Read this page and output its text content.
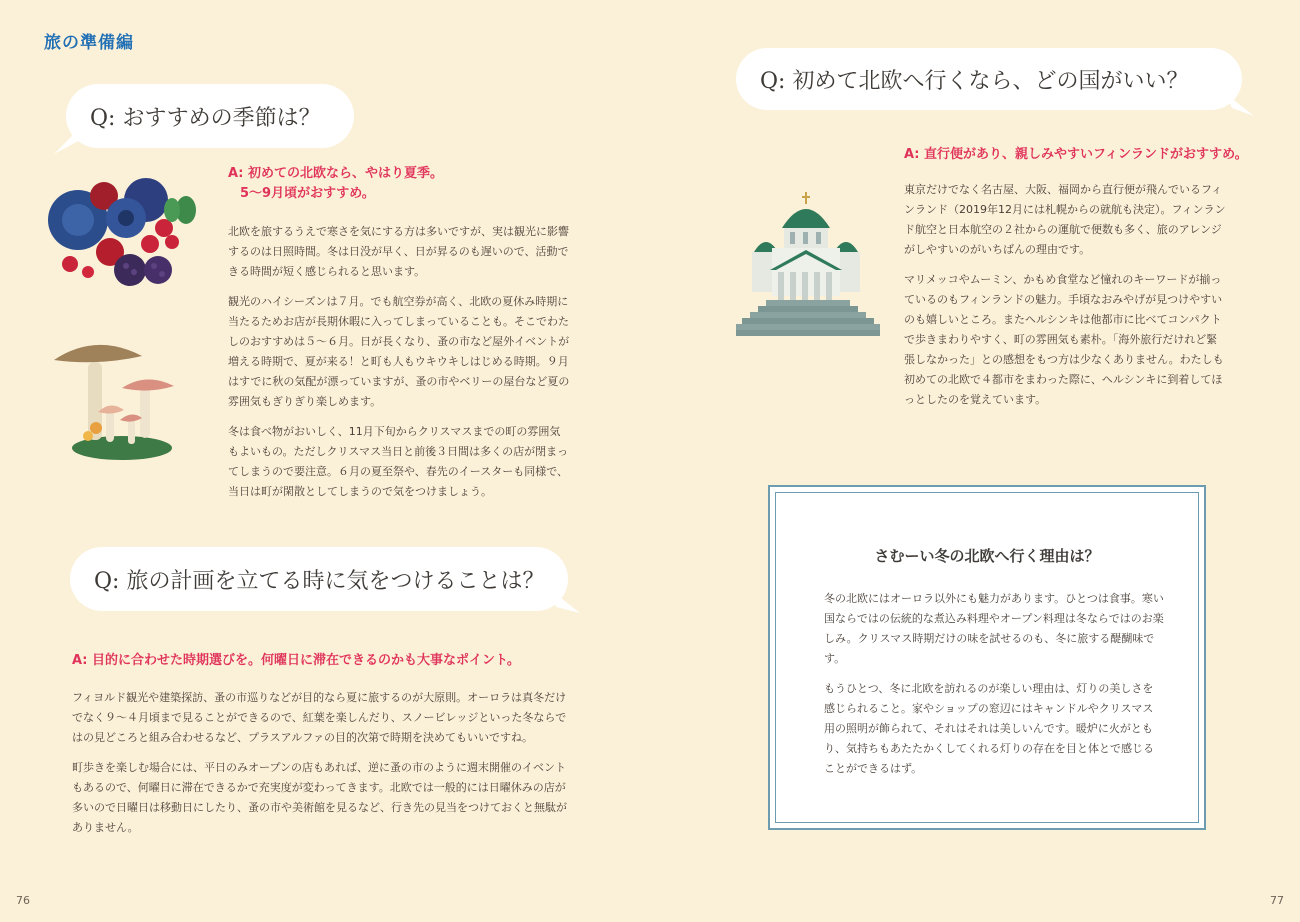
旅の準備編
Q: おすすめの季節は？
A: 初めての北欧なら、やはり夏季。
5～9月頃がおすすめ。

北欧を旅するうえで寒さを気にする方は多いですが、実は観光に影響するのは日照時間。冬は日没が早く、日が昇るのも遅いので、活動できる時間が短く感じられると思います。

観光のハイシーズンは７月。でも航空券が高く、北欧の夏休み時期に当たるためお店が長期休暇に入ってしまっていることも。そこでわたしのおすすめは５～６月。日が長くなり、蚤の市など屋外イベントが増える時期で、夏が来る！と町も人もウキウキしはじめる時期。９月はすでに秋の気配が漂っていますが、蚤の市やベリーの屋台など夏の雰囲気もぎりぎり楽しめます。

冬は食べ物がおいしく、11月下旬からクリスマスまでの町の雰囲気もよいもの。ただしクリスマス当日と前後３日間は多くの店が閉まってしまうので要注意。６月の夏至祭や、春先のイースターも同様で、当日は町が閑散としてしまうので気をつけましょう。

Q: 旅の計画を立てる時に気をつけることは？
A: 目的に合わせた時期選びを。何曜日に滞在できるのかも大事なポイント。

フィヨルド観光や建築探訪、蚤の市巡りなどが目的なら夏に旅するのが大原則。オーロラは真冬だけでなく９～４月頃まで見ることができるので、紅葉を楽しんだり、スノービレッジといった冬ならではの見どころと組み合わせるなど、プラスアルファの目的次第で時期を決めてもいいですね。

町歩きを楽しむ場合には、平日のみオープンの店もあれば、逆に蚤の市のように週末開催のイベントもあるので、何曜日に滞在できるかで充実度が変わってきます。北欧では一般的には日曜休みの店が多いので日曜日は移動日にしたり、蚤の市や美術館を見るなど、行き先の見当をつけておくと無駄がありません。

Q: 初めて北欧へ行くなら、どの国がいい？
A: 直行便があり、親しみやすいフィンランドがおすすめ。

東京だけでなく名古屋、大阪、福岡から直行便が飛んでいるフィンランド（2019年12月には札幌からの就航も決定）。フィンランド航空と日本航空の２社からの運航で便数も多く、旅のアレンジがしやすいのがいちばんの理由です。

マリメッコやムーミン、かもめ食堂など憧れのキーワードが揃っているのもフィンランドの魅力。手頃なおみやげが見つけやすいのも嬉しいところ。またヘルシンキは他都市に比べてコンパクトで歩きまわりやすく、町の雰囲気も素朴。「海外旅行だけれど緊張しなかった」との感想をもつ方は少なくありません。わたしも初めての北欧で４都市をまわった際に、ヘルシンキに到着してほっとしたのを覚えています。

さむーい冬の北欧へ行く理由は？

冬の北欧にはオーロラ以外にも魅力があります。ひとつは食事。寒い国ならではの伝統的な煮込み料理やオープン料理は冬ならではのお楽しみ。クリスマス時期だけの味を試せるのも、冬に旅する醍醐味です。

もうひとつ、冬に北欧を訪れるのが楽しい理由は、灯りの美しさを感じられること。家やショップの窓辺にはキャンドルやクリスマス用の照明が飾られて、それはそれは美しいんです。暖炉に火がともり、気持ちもあたたかくしてくれる灯りの存在を目と体とで感じることができるはず。

76	77
